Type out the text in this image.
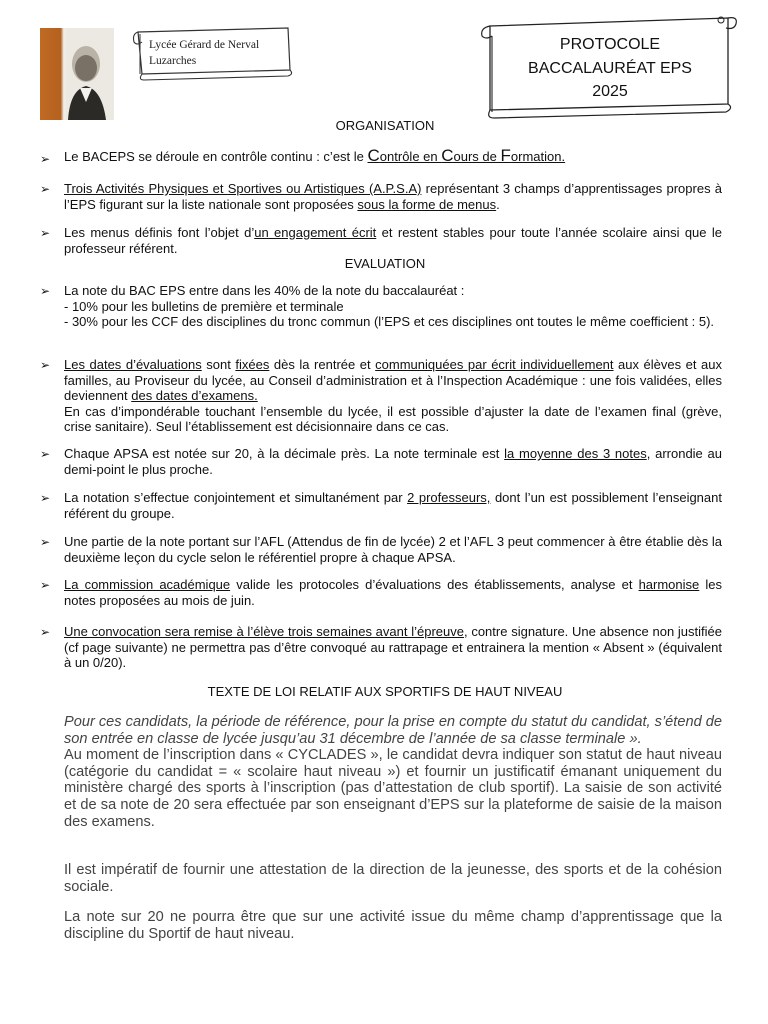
Lycée Gérard de Nerval
Luzarches
PROTOCOLE
BACCALAURÉAT EPS
2025
ORGANISATION
➢	Le BACEPS se déroule en contrôle continu : c’est le Contrôle en Cours de Formation.
➢	Trois Activités Physiques et Sportives ou Artistiques (A.P.S.A) représentant 3 champs d’apprentissages propres à l’EPS figurant sur la liste nationale sont proposées sous la forme de menus.
➢	Les menus définis font l’objet d’un engagement écrit et restent stables pour toute l’année scolaire ainsi que le professeur référent.
EVALUATION
➢	La note du BAC EPS entre dans les 40% de la note du baccalauréat :
- 10% pour les bulletins de première et terminale
- 30% pour les CCF des disciplines du tronc commun (l’EPS et ces disciplines ont toutes le même coefficient : 5).
➢	Les dates d’évaluations sont fixées dès la rentrée et communiquées par écrit individuellement aux élèves et aux familles, au Proviseur du lycée, au Conseil d’administration et à l’Inspection Académique : une fois validées, elles deviennent des dates d’examens.
En cas d’impondérable touchant l’ensemble du lycée, il est possible d’ajuster la date de l’examen final (grève, crise sanitaire). Seul l’établissement est décisionnaire dans ce cas.
➢	Chaque APSA est notée sur 20, à la décimale près. La note terminale est la moyenne des 3 notes, arrondie au demi-point le plus proche.
➢	La notation s’effectue conjointement et simultanément par 2 professeurs, dont l’un est possiblement l’enseignant référent du groupe.
➢	Une partie de la note portant sur l’AFL (Attendus de fin de lycée) 2 et l’AFL 3 peut commencer à être établie dès la deuxième leçon du cycle selon le référentiel propre à chaque APSA.
➢	La commission académique valide les protocoles d’évaluations des établissements, analyse et harmonise les notes proposées au mois de juin.
➢	Une convocation sera remise à l’élève trois semaines avant l’épreuve, contre signature. Une absence non justifiée (cf page suivante) ne permettra pas d’être convoqué au rattrapage et entrainera la mention « Absent » (équivalent à un 0/20).
TEXTE DE LOI RELATIF AUX SPORTIFS DE HAUT NIVEAU
Pour ces candidats, la période de référence, pour la prise en compte du statut du candidat, s’étend de son entrée en classe de lycée jusqu’au 31 décembre de l’année de sa classe terminale ».
Au moment de l’inscription dans « CYCLADES », le candidat devra indiquer son statut de haut niveau (catégorie du candidat = « scolaire haut niveau ») et fournir un justificatif émanant uniquement du ministère chargé des sports à l’inscription (pas d’attestation de club sportif). La saisie de son activité et de sa note de 20 sera effectuée par son enseignant d’EPS sur la plateforme de saisie de la maison des examens.
Il est impératif de fournir une attestation de la direction de la jeunesse, des sports et de la cohésion sociale.
La note sur 20 ne pourra être que sur une activité issue du même champ d’apprentissage que la discipline du Sportif de haut niveau.
